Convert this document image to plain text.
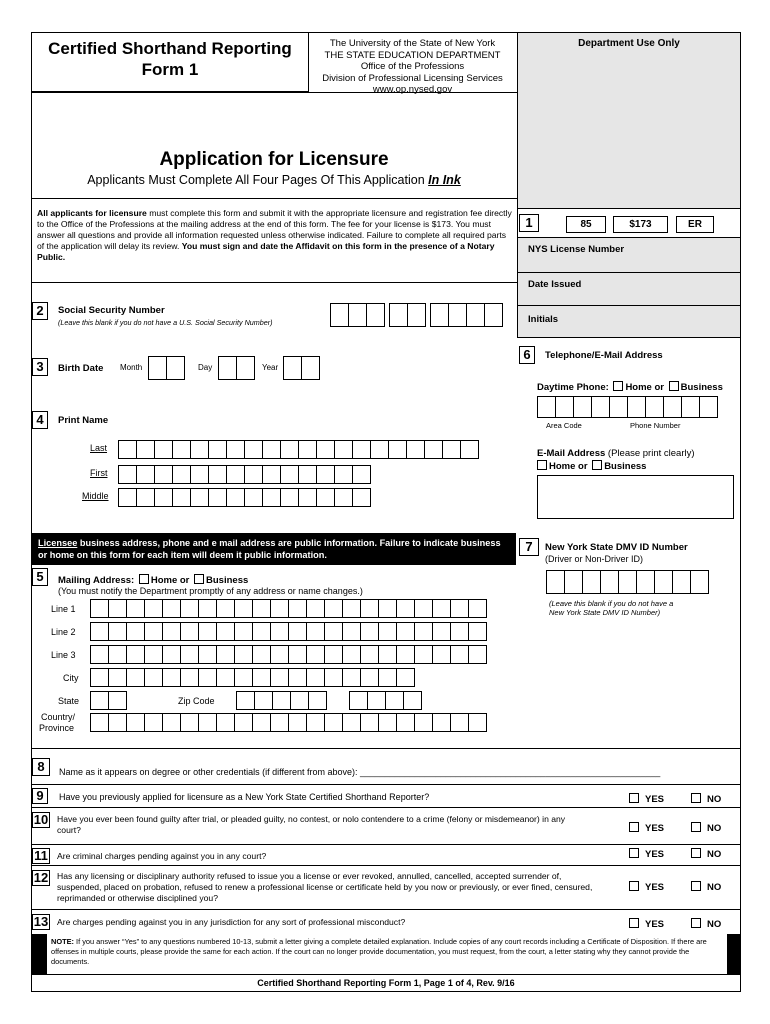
Department Use Only
Certified Shorthand Reporting
Form 1
The University of the State of New York
THE STATE EDUCATION DEPARTMENT
Office of the Professions
Division of Professional Licensing Services
www.op.nysed.gov
Application for Licensure
Applicants Must Complete All Four Pages Of This Application In Ink
All applicants for licensure must complete this form and submit it with the appropriate licensure and registration fee directly to the Office of the Professions at the mailing address at the end of this form. The fee for your license is $173. You must answer all questions and provide all information requested unless otherwise indicated. Failure to complete all required parts of the application will delay its review. You must sign and date the Affidavit on this form in the presence of a Notary Public.
1	85	$173	ER
NYS License Number
Date Issued
Initials
2	Social Security Number
(Leave this blank if you do not have a U.S. Social Security Number)
3	Birth Date Month	Day	Year
4	Print Name
Last
First
Middle
6	Telephone/E-Mail Address
Daytime Phone: Home or Business
Area Code	Phone Number
E-Mail Address (Please print clearly)
Home or Business
Licensee business address, phone and e mail address are public information. Failure to indicate business or home on this form for each item will deem it public information.
7	New York State DMV ID Number
(Driver or Non-Driver ID)
(Leave this blank if you do not have a
New York State DMV ID Number)
5	Mailing Address: Home or Business
(You must notify the Department promptly of any address or name changes.)
Line 1
Line 2
Line 3
City
State	Zip Code
Country/
Province
8	Name as it appears on degree or other credentials (if different from above): ____________________________________________________________
9	Have you previously applied for licensure as a New York State Certified Shorthand Reporter?	YES	NO
10 Have you ever been found guilty after trial, or pleaded guilty, no contest, or nolo contendere to a crime (felony or misdemeanor) in any court?	YES	NO
11 Are criminal charges pending against you in any court?	YES	NO
12 Has any licensing or disciplinary authority refused to issue you a license or ever revoked, annulled, cancelled, accepted surrender of, suspended, placed on probation, refused to renew a professional license or certificate held by you now or previously, or ever fined, censured, reprimanded or otherwise disciplined you?
YES	NO
13 Are charges pending against you in any jurisdiction for any sort of professional misconduct?	YES	NO
NOTE: If you answer “Yes” to any questions numbered 10-13, submit a letter giving a complete detailed explanation. Include copies of any court records including a Certificate of Disposition. If there are offenses in multiple courts, please provide the same for each action. If the court can no longer provide documentation, you must request, from the court, a letter stating why they cannot provide the documents.
Certified Shorthand Reporting Form 1, Page 1 of 4, Rev. 9/16
